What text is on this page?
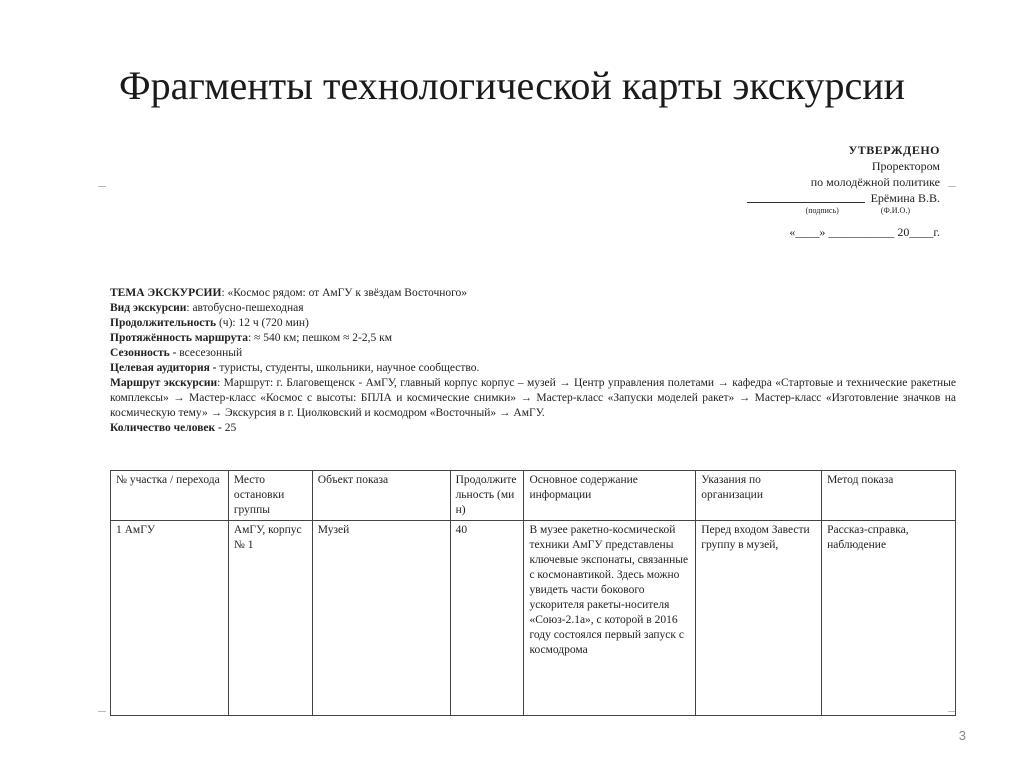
Фрагменты технологической карты экскурсии
УТВЕРЖДЕНО
Проректором
по молодёжной политике
Ерёмина В.В.
(подпись)	(Ф.И.О.)
«____» ___________ 20____г.

ТЕМА ЭКСКУРСИИ: «Космос рядом: от АмГУ к звёздам Восточного»

Вид экскурсии: автобусно-пешеходная

Продолжительность (ч): 12 ч (720 мин)

Протяжённость маршрута: ≈ 540 км; пешком ≈ 2-2,5 км

Сезонность - всесезонный

Целевая аудитория - туристы, студенты, школьники, научное сообщество.

Маршрут экскурсии: Маршрут: г. Благовещенск - АмГУ, главный корпус корпус – музей → Центр управления полетами → кафедра «Стартовые и технические ракетные комплексы» → Мастер-класс «Космос с высоты: БПЛА и космические снимки» → Мастер-класс «Запуски моделей ракет» → Мастер-класс «Изготовление значков на космическую тему» → Экскурсия в г. Циолковский и космодром «Восточный» → АмГУ.

Количество человек - 25

№ участка / перехода	Место остановки группы	Объект показа	Продолжительность (мин)	Основное содержание информации	Указания по организации	Метод показа
1 АмГУ	АмГУ, корпус № 1	Музей	40	В музее ракетно-космической техники АмГУ представлены ключевые экспонаты, связанные с космонавтикой. Здесь можно увидеть части бокового ускорителя ракеты-носителя «Союз-2.1а», с которой в 2016 году состоялся первый запуск с космодрома	Перед входом Завести группу в музей,	Рассказ-справка, наблюдение
3
